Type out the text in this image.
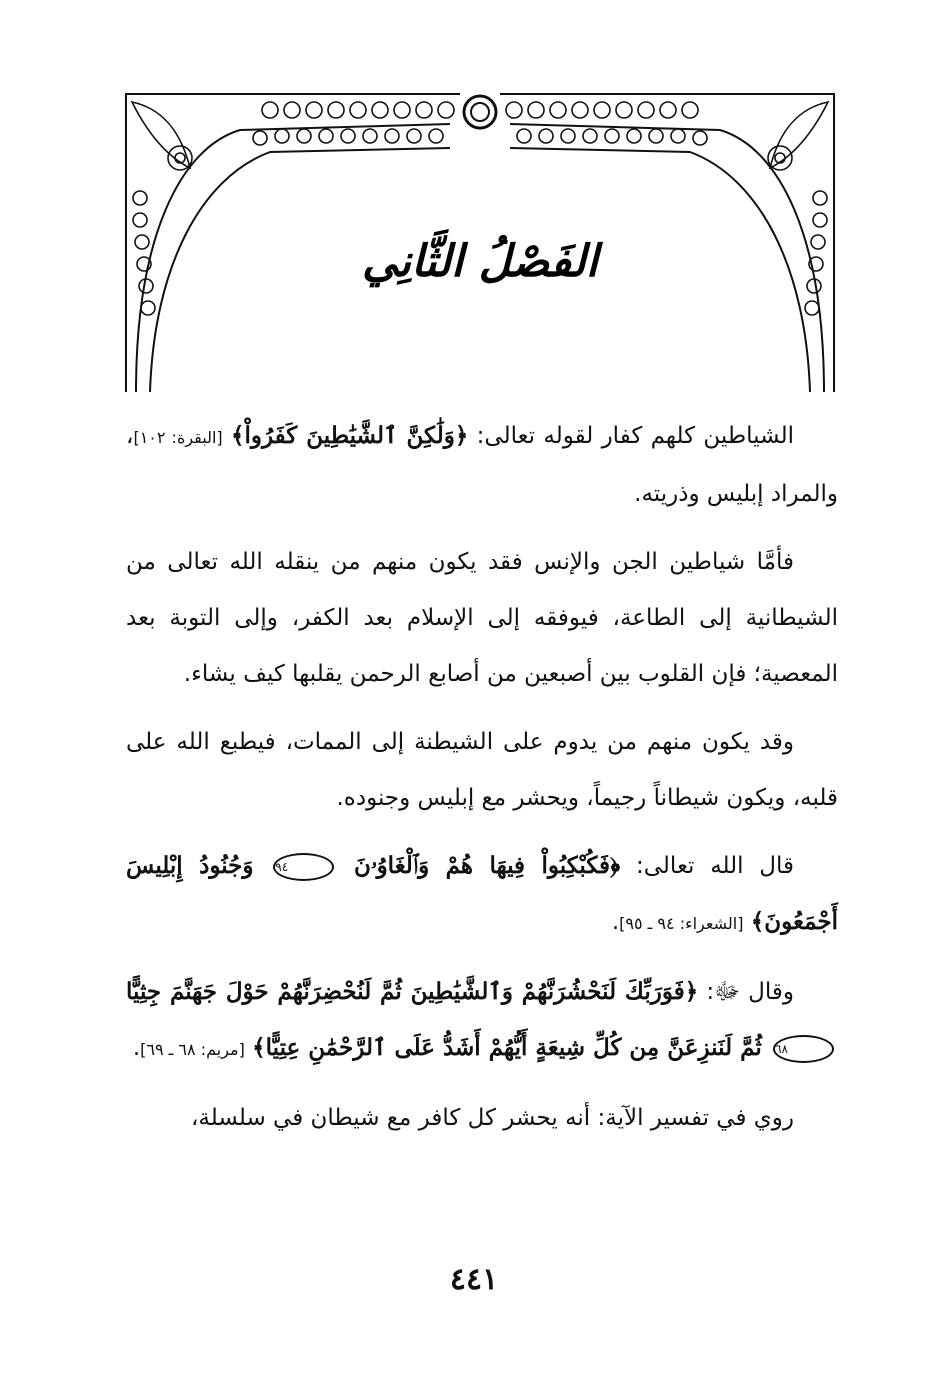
الفَصْلُ الثَّانِي

الشياطين كلهم كفار لقوله تعالى: ﴿وَلَٰكِنَّ ٱلشَّيَٰطِينَ كَفَرُواْ﴾ [البقرة: ١٠٢]، والمراد إبليس وذريته.

فأمَّا شياطين الجن والإنس فقد يكون منهم من ينقله الله تعالى من الشيطانية إلى الطاعة، فيوفقه إلى الإسلام بعد الكفر، وإلى التوبة بعد المعصية؛ فإن القلوب بين أصبعين من أصابع الرحمن يقلبها كيف يشاء.

وقد يكون منهم من يدوم على الشيطنة إلى الممات، فيطبع الله على قلبه، ويكون شيطاناً رجيماً، ويحشر مع إبليس وجنوده.

قال الله تعالى: ﴿فَكُبْكِبُواْ فِيهَا هُمْ وَٱلْغَاوُۥنَ ٩٤ وَجُنُودُ إِبْلِيسَ أَجْمَعُونَ﴾ [الشعراء: ٩٤ ـ ٩٥].

وقال ﷻ: ﴿فَوَرَبِّكَ لَنَحْشُرَنَّهُمْ وَٱلشَّيَٰطِينَ ثُمَّ لَنُحْضِرَنَّهُمْ حَوْلَ جَهَنَّمَ جِثِيًّا ٦٨ ثُمَّ لَنَنزِعَنَّ مِن كُلِّ شِيعَةٍ أَيُّهُمْ أَشَدُّ عَلَى ٱلرَّحْمَٰنِ عِتِيًّا﴾ [مريم: ٦٨ ـ ٦٩].

روي في تفسير الآية: أنه يحشر كل كافر مع شيطان في سلسلة،

٤٤١
